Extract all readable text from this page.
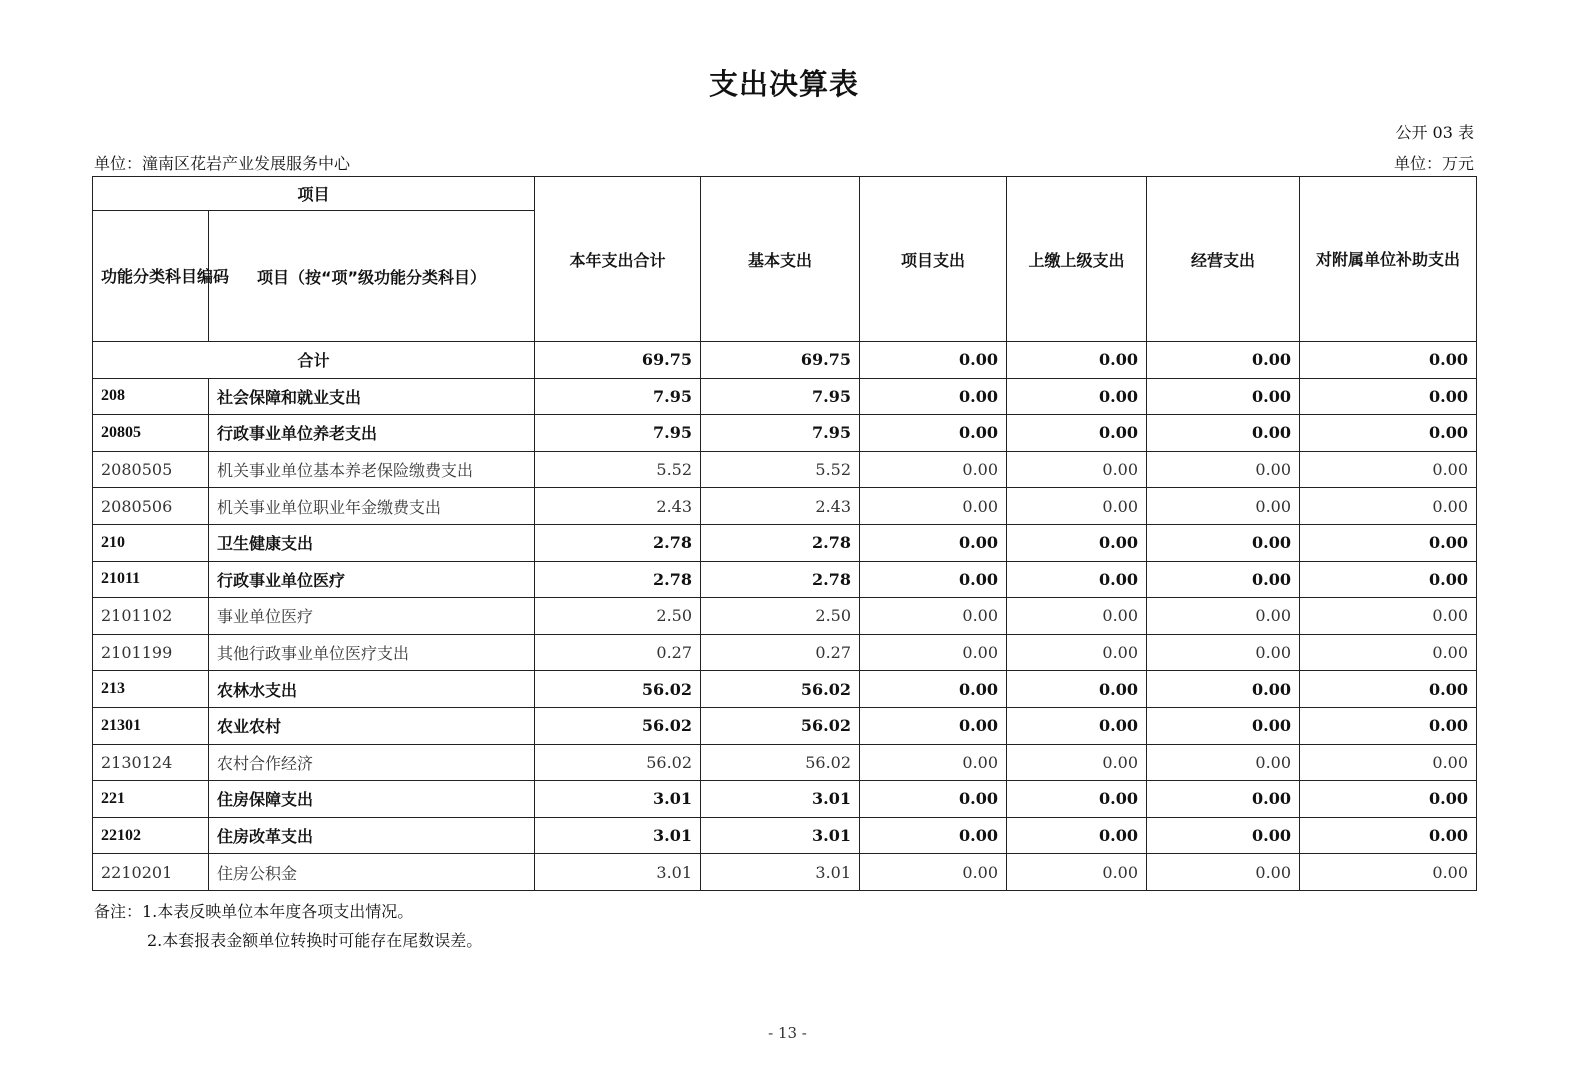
支出决算表
公开 03 表
单位：潼南区花岩产业发展服务中心	单位：万元
项目		本年支出合计	基本支出	项目支出	上缴上级支出	经营支出	对附属单位补助支出
功能分类科目编码	项目（按“项”级功能分类科目）						
合计		69.75	69.75	0.00	0.00	0.00	0.00
208	社会保障和就业支出	7.95	7.95	0.00	0.00	0.00	0.00
20805	行政事业单位养老支出	7.95	7.95	0.00	0.00	0.00	0.00
2080505	机关事业单位基本养老保险缴费支出	5.52	5.52	0.00	0.00	0.00	0.00
2080506	机关事业单位职业年金缴费支出	2.43	2.43	0.00	0.00	0.00	0.00
210	卫生健康支出	2.78	2.78	0.00	0.00	0.00	0.00
21011	行政事业单位医疗	2.78	2.78	0.00	0.00	0.00	0.00
2101102	事业单位医疗	2.50	2.50	0.00	0.00	0.00	0.00
2101199	其他行政事业单位医疗支出	0.27	0.27	0.00	0.00	0.00	0.00
213	农林水支出	56.02	56.02	0.00	0.00	0.00	0.00
21301	农业农村	56.02	56.02	0.00	0.00	0.00	0.00
2130124	农村合作经济	56.02	56.02	0.00	0.00	0.00	0.00
221	住房保障支出	3.01	3.01	0.00	0.00	0.00	0.00
22102	住房改革支出	3.01	3.01	0.00	0.00	0.00	0.00
2210201	住房公积金	3.01	3.01	0.00	0.00	0.00	0.00
备注：1.本表反映单位本年度各项支出情况。
2.本套报表金额单位转换时可能存在尾数误差。
- 13 -
